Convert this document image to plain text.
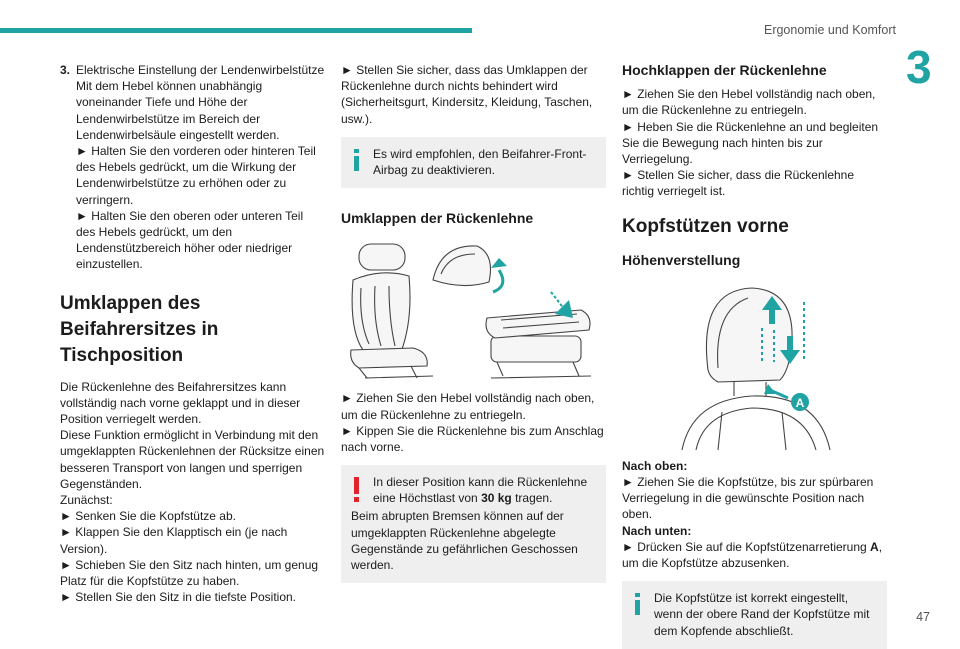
Ergonomie und Komfort
3
47
3. Elektrische Einstellung der Lendenwirbelstütze Mit dem Hebel können unabhängig voneinander Tiefe und Höhe der Lendenwirbelstütze im Bereich der Lendenwirbelsäule eingestellt werden.

► Halten Sie den vorderen oder hinteren Teil des Hebels gedrückt, um die Wirkung der Lendenwirbelstütze zu erhöhen oder zu verringern.

► Halten Sie den oberen oder unteren Teil des Hebels gedrückt, um den Lendenstützbereich höher oder niedriger einzustellen.

Umklappen des Beifahrersitzes in Tischposition

Die Rückenlehne des Beifahrersitzes kann vollständig nach vorne geklappt und in dieser Position verriegelt werden.

Diese Funktion ermöglicht in Verbindung mit den umgeklappten Rückenlehnen der Rücksitze einen besseren Transport von langen und sperrigen Gegenständen.

Zunächst:

► Senken Sie die Kopfstütze ab.

► Klappen Sie den Klapptisch ein (je nach Version).

► Schieben Sie den Sitz nach hinten, um genug Platz für die Kopfstütze zu haben.

► Stellen Sie den Sitz in die tiefste Position.

► Stellen Sie sicher, dass das Umklappen der Rückenlehne durch nichts behindert wird (Sicherheitsgurt, Kindersitz, Kleidung, Taschen, usw.).

Es wird empfohlen, den Beifahrer-Front-Airbag zu deaktivieren.
Umklappen der Rückenlehne

► Ziehen Sie den Hebel vollständig nach oben, um die Rückenlehne zu entriegeln.

► Kippen Sie die Rückenlehne bis zum Anschlag nach vorne.

In dieser Position kann die Rückenlehne eine Höchstlast von 30 kg tragen.

Beim abrupten Bremsen können auf der umgeklappten Rückenlehne abgelegte Gegenstände zu gefährlichen Geschossen werden.

Hochklappen der Rückenlehne

► Ziehen Sie den Hebel vollständig nach oben, um die Rückenlehne zu entriegeln.

► Heben Sie die Rückenlehne an und begleiten Sie die Bewegung nach hinten bis zur Verriegelung.

► Stellen Sie sicher, dass die Rückenlehne richtig verriegelt ist.

Kopfstützen vorne
Höhenverstellung
A

Nach oben:

► Ziehen Sie die Kopfstütze, bis zur spürbaren Verriegelung in die gewünschte Position nach oben.

Nach unten:

► Drücken Sie auf die Kopfstützenarretierung A,

um die Kopfstütze abzusenken.

Die Kopfstütze ist korrekt eingestellt, wenn der obere Rand der Kopfstütze mit dem Kopfende abschließt.
